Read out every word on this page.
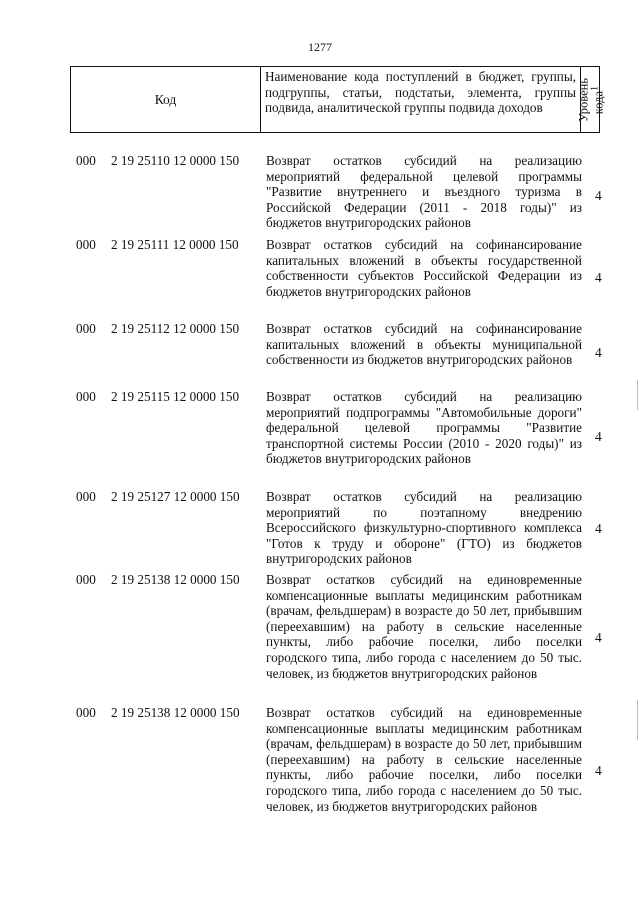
1277
Код
Наименование кода поступлений в бюджет, группы, подгруппы, статьи, подстатьи, элемента, группы подвида, аналитической группы подвида доходов	Уровень
кода$^1$
000 2 19 25110 12 0000 150 Возврат остатков субсидий на реализацию мероприятий федеральной целевой программы "Развитие внутреннего и въездного туризма в Российской Федерации (2011 - 2018 годы)" из бюджетов внутригородских районов
4
000 2 19 25111 12 0000 150 Возврат остатков субсидий на софинансирование капитальных вложений в объекты государственной собственности субъектов Российской Федерации из бюджетов внутригородских районов
4
000 2 19 25112 12 0000 150 Возврат остатков субсидий на софинансирование капитальных вложений в объекты муниципальной собственности из бюджетов внутригородских районов	4
000 2 19 25115 12 0000 150 Возврат остатков субсидий на реализацию мероприятий подпрограммы "Автомобильные дороги" федеральной целевой программы "Развитие транспортной системы России (2010 - 2020 годы)" из бюджетов внутригородских районов
4
000 2 19 25127 12 0000 150 Возврат остатков субсидий на реализацию мероприятий по поэтапному внедрению Всероссийского физкультурно-спортивного комплекса "Готов к труду и обороне" (ГТО) из бюджетов внутригородских районов
4
000 2 19 25138 12 0000 150 Возврат остатков субсидий на единовременные компенсационные выплаты медицинским работникам (врачам, фельдшерам) в возрасте до 50 лет, прибывшим (переехавшим) на работу в сельские населенные пункты, либо рабочие поселки, либо поселки городского типа, либо города с населением до 50 тыс. человек, из бюджетов внутригородских районов
4
000 2 19 25138 12 0000 150 Возврат остатков субсидий на единовременные компенсационные выплаты медицинским работникам (врачам, фельдшерам) в возрасте до 50 лет, прибывшим (переехавшим) на работу в сельские населенные пункты, либо рабочие поселки, либо поселки городского типа, либо города с населением до 50 тыс. человек, из бюджетов внутригородских районов
4
